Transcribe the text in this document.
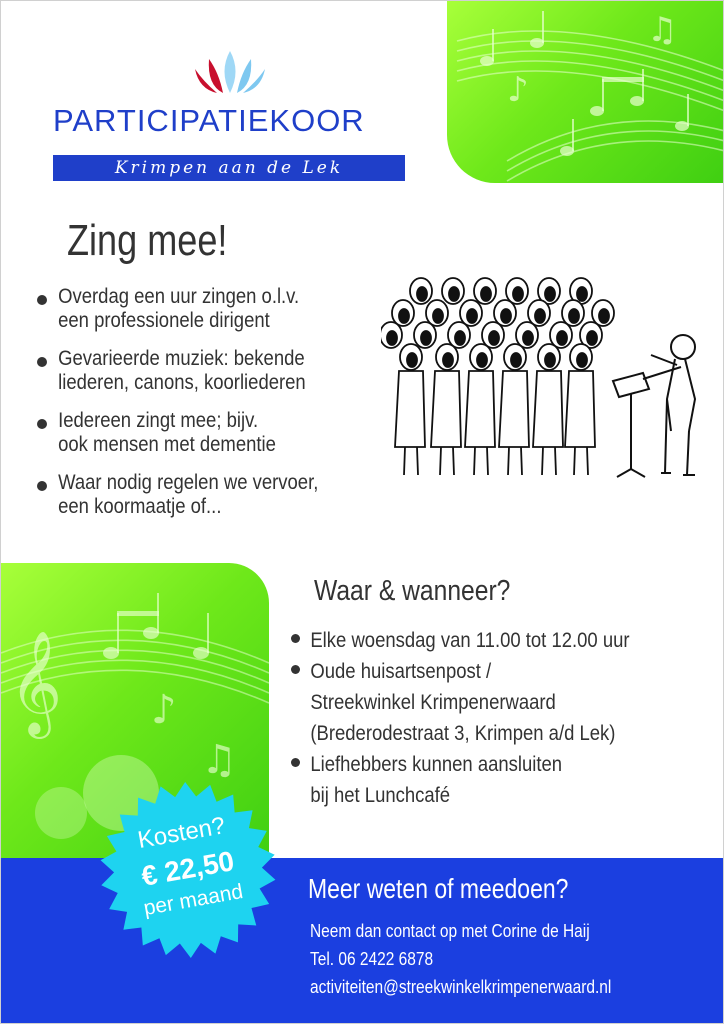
♪
♫
𝄞 ♪
♫
PARTICIPATIEKOOR
Krimpen aan de Lek
Zing mee!
Overdag een uur zingen o.l.v.
een professionele dirigent
Gevarieerde muziek: bekende
liederen, canons, koorliederen
Iedereen zingt mee; bijv.
ook mensen met dementie
Waar nodig regelen we vervoer,
een koormaatje of...
Waar & wanneer?
Elke woensdag van 11.00 tot 12.00 uur
Oude huisartsenpost /
Streekwinkel Krimpenerwaard
(Brederodestraat 3, Krimpen a/d Lek)
Liefhebbers kunnen aansluiten
bij het Lunchcafé
Kosten?
€ 22,50
per maand	Meer weten of meedoen?
Neem dan contact op met Corine de Haij
Tel. 06 2422 6878
activiteiten@streekwinkelkrimpenerwaard.nl
